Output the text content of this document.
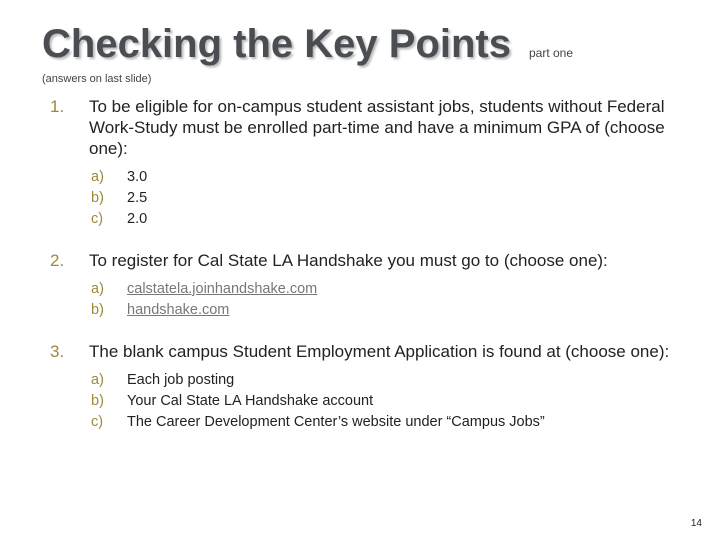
Checking the Key Points part one
(answers on last slide)
1. To be eligible for on-campus student assistant jobs, students without Federal Work-Study must be enrolled part-time and have a minimum GPA of (choose one):
a)	3.0
b)	2.5
c)	2.0
2. To register for Cal State LA Handshake you must go to (choose one):
a)	calstatela.joinhandshake.com
b)	handshake.com
3. The blank campus Student Employment Application is found at (choose one):
a)	Each job posting
b)	Your Cal State LA Handshake account
c)	The Career Development Center’s website under “Campus Jobs”
14
